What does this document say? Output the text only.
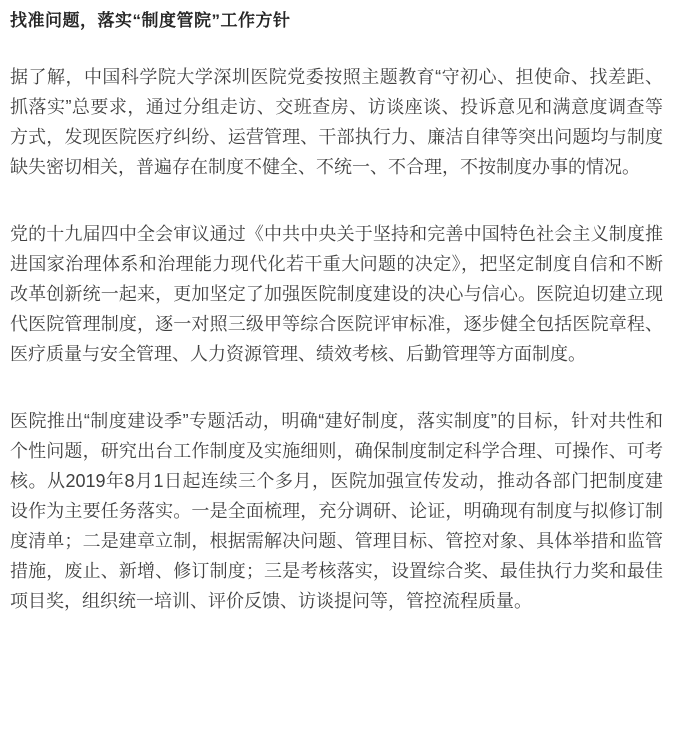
找准问题，落实“制度管院”工作方针

据了解，中国科学院大学深圳医院党委按照主题教育“守初心、担使命、找差距、抓落实”总要求，通过分组走访、交班查房、访谈座谈、投诉意见和满意度调查等方式，发现医院医疗纠纷、运营管理、干部执行力、廉洁自律等突出问题均与制度缺失密切相关，普遍存在制度不健全、不统一、不合理，不按制度办事的情况。

党的十九届四中全会审议通过《中共中央关于坚持和完善中国特色社会主义制度推进国家治理体系和治理能力现代化若干重大问题的决定》，把坚定制度自信和不断改革创新统一起来，更加坚定了加强医院制度建设的决心与信心。医院迫切建立现代医院管理制度，逐一对照三级甲等综合医院评审标准，逐步健全包括医院章程、医疗质量与安全管理、人力资源管理、绩效考核、后勤管理等方面制度。

医院推出“制度建设季”专题活动，明确“建好制度，落实制度”的目标，针对共性和个性问题，研究出台工作制度及实施细则，确保制度制定科学合理、可操作、可考核。从2019年8月1日起连续三个多月，医院加强宣传发动，推动各部门把制度建设作为主要任务落实。一是全面梳理，充分调研、论证，明确现有制度与拟修订制度清单；二是建章立制，根据需解决问题、管理目标、管控对象、具体举措和监管措施，废止、新增、修订制度；三是考核落实，设置综合奖、最佳执行力奖和最佳项目奖，组织统一培训、评价反馈、访谈提问等，管控流程质量。
